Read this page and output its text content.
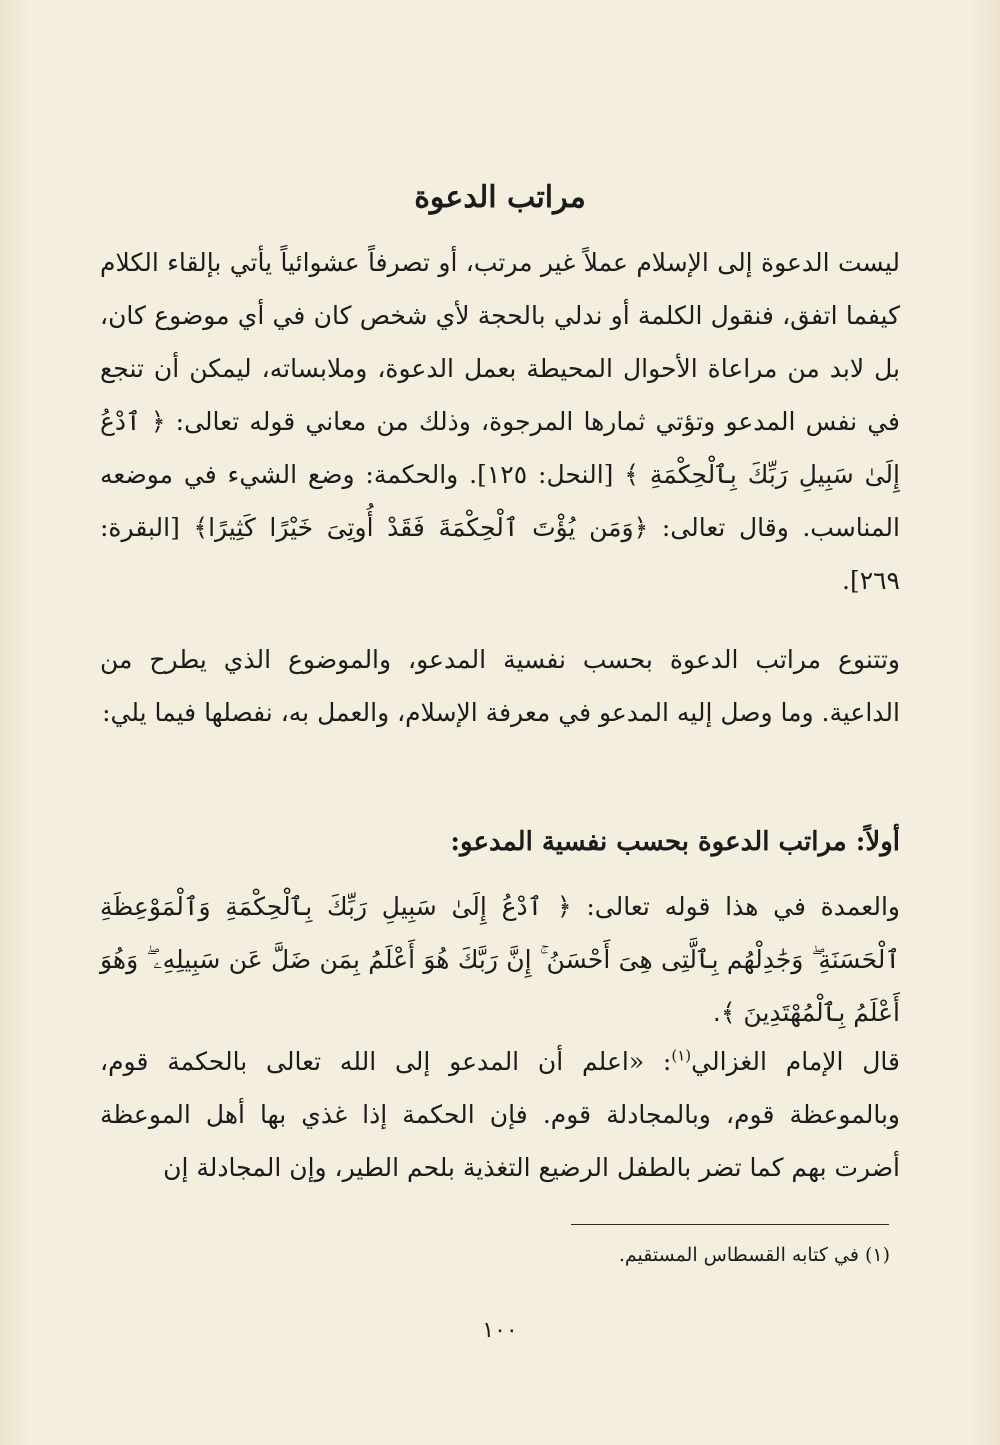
مراتب الدعوة

ليست الدعوة إلى الإسلام عملاً غير مرتب، أو تصرفاً عشوائياً يأتي بإلقاء الكلام كيفما اتفق، فنقول الكلمة أو ندلي بالحجة لأي شخص كان في أي موضوع كان، بل لابد من مراعاة الأحوال المحيطة بعمل الدعوة، وملابساته، ليمكن أن تنجع في نفس المدعو وتؤتي ثمارها المرجوة، وذلك من معاني قوله تعالى: ﴿ ٱدْعُ إِلَىٰ سَبِيلِ رَبِّكَ بِٱلْحِكْمَةِ ﴾ [النحل: ١٢٥]. والحكمة: وضع الشيء في موضعه المناسب. وقال تعالى: ﴿وَمَن يُؤْتَ ٱلْحِكْمَةَ فَقَدْ أُوتِىَ خَيْرًا كَثِيرًا﴾ [البقرة: ٢٦٩].

وتتنوع مراتب الدعوة بحسب نفسية المدعو، والموضوع الذي يطرح من الداعية. وما وصل إليه المدعو في معرفة الإسلام، والعمل به، نفصلها فيما يلي:

أولاً: مراتب الدعوة بحسب نفسية المدعو:

والعمدة في هذا قوله تعالى: ﴿ ٱدْعُ إِلَىٰ سَبِيلِ رَبِّكَ بِٱلْحِكْمَةِ وَٱلْمَوْعِظَةِ ٱلْحَسَنَةِ ۖ وَجَٰدِلْهُم بِٱلَّتِى هِىَ أَحْسَنُ ۚ إِنَّ رَبَّكَ هُوَ أَعْلَمُ بِمَن ضَلَّ عَن سَبِيلِهِۦ ۖ وَهُوَ أَعْلَمُ بِٱلْمُهْتَدِينَ ﴾.

قال الإمام الغزالي$^{(١)}$: «اعلم أن المدعو إلى الله تعالى بالحكمة قوم، وبالموعظة قوم، وبالمجادلة قوم. فإن الحكمة إذا غذي بها أهل الموعظة أضرت بهم كما تضر بالطفل الرضيع التغذية بلحم الطير، وإن المجادلة إن

(١) في كتابه القسطاس المستقيم.
١٠٠
